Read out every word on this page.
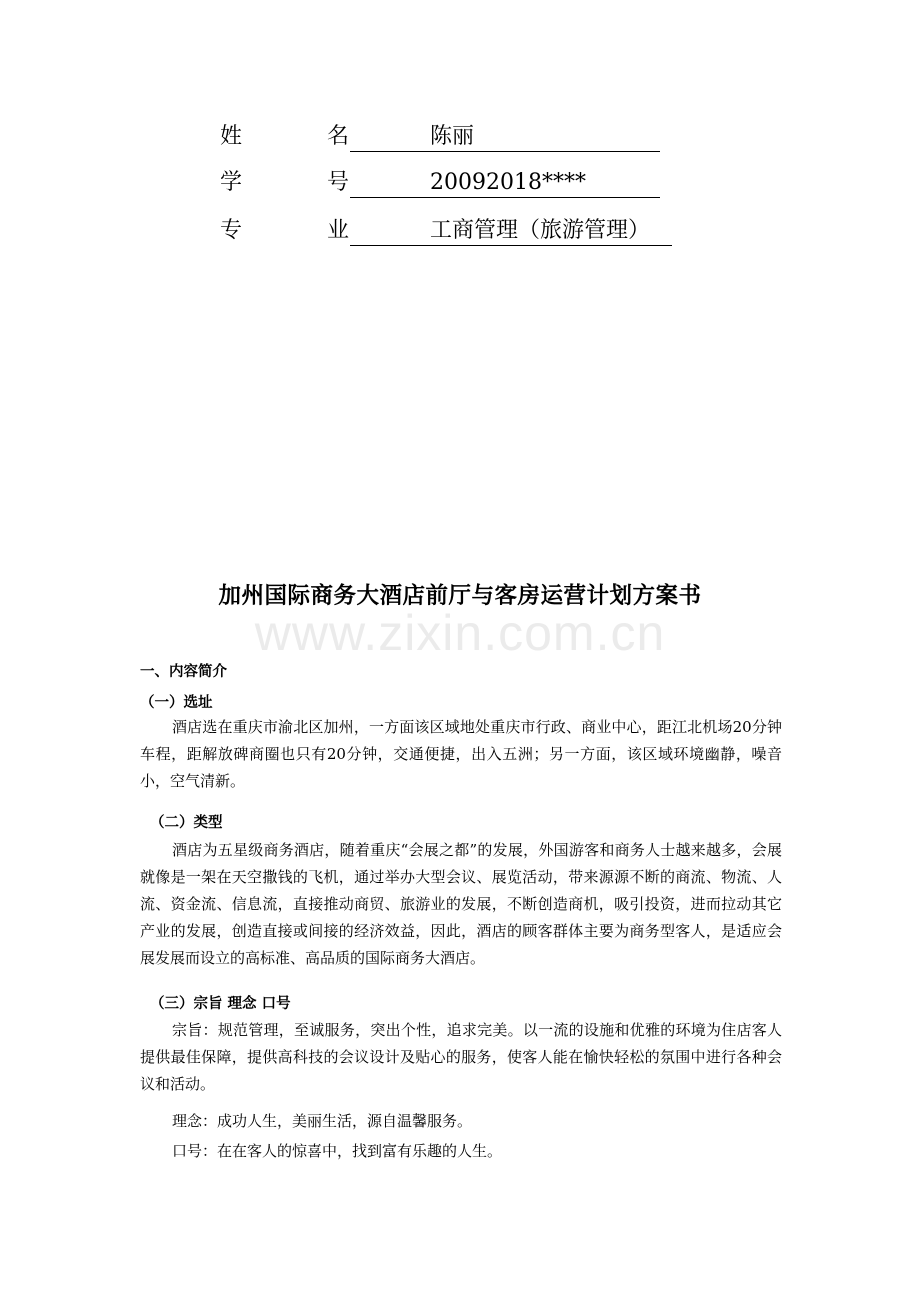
姓	名	陈丽
学	号	20092018****
专	业	工商管理（旅游管理）
加州国际商务大酒店前厅与客房运营计划方案书
www.zixin.com.cn
一、内容简介
（一）选址
酒店选在重庆市渝北区加州，一方面该区域地处重庆市行政、商业中心，距江北机场20分钟车程，距解放碑商圈也只有20分钟，交通便捷，出入五洲；另一方面，该区域环境幽静，噪音小，空气清新。
（二）类型
酒店为五星级商务酒店，随着重庆“会展之都”的发展，外国游客和商务人士越来越多，会展就像是一架在天空撒钱的飞机，通过举办大型会议、展览活动，带来源源不断的商流、物流、人流、资金流、信息流，直接推动商贸、旅游业的发展，不断创造商机，吸引投资，进而拉动其它产业的发展，创造直接或间接的经济效益，因此，酒店的顾客群体主要为商务型客人，是适应会展发展而设立的高标准、高品质的国际商务大酒店。
（三）宗旨 理念 口号
宗旨：规范管理，至诚服务，突出个性，追求完美。以一流的设施和优雅的环境为住店客人提供最佳保障，提供高科技的会议设计及贴心的服务，使客人能在愉快轻松的氛围中进行各种会议和活动。
理念：成功人生，美丽生活，源自温馨服务。
口号：在在客人的惊喜中，找到富有乐趣的人生。
